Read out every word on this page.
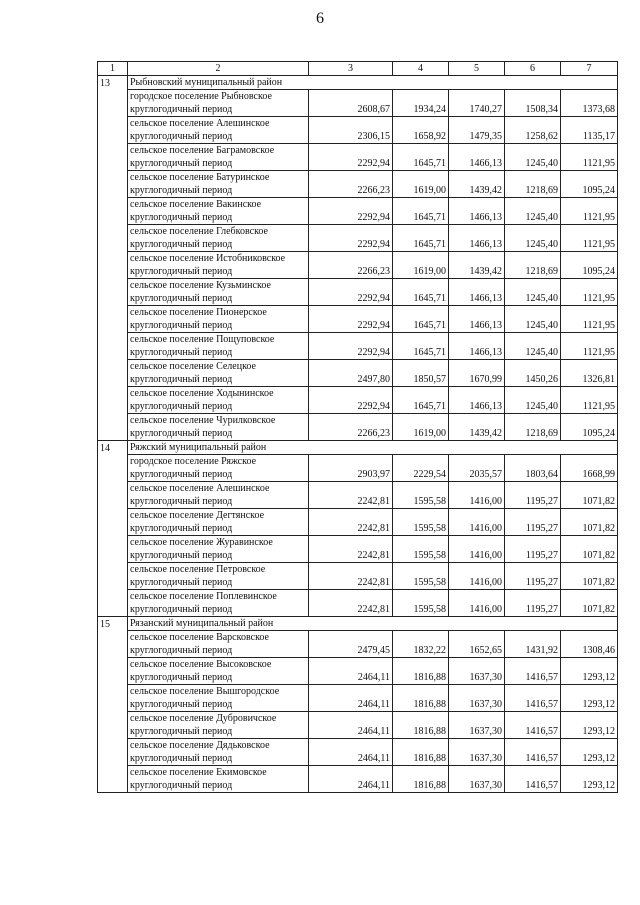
6
1	2	3	4	5	6	7
13	Рыбновский муниципальный район					
	городское поселение Рыбновское					
	круглогодичный период	2608,67	1934,24	1740,27	1508,34	1373,68
	сельское поселение Алешинское					
	круглогодичный период	2306,15	1658,92	1479,35	1258,62	1135,17
	сельское поселение Баграмовское					
	круглогодичный период	2292,94	1645,71	1466,13	1245,40	1121,95
	сельское поселение Батуринское					
	круглогодичный период	2266,23	1619,00	1439,42	1218,69	1095,24
	сельское поселение Вакинское					
	круглогодичный период	2292,94	1645,71	1466,13	1245,40	1121,95
	сельское поселение Глебковское					
	круглогодичный период	2292,94	1645,71	1466,13	1245,40	1121,95
	сельское поселение Истобниковское					
	круглогодичный период	2266,23	1619,00	1439,42	1218,69	1095,24
	сельское поселение Кузьминское					
	круглогодичный период	2292,94	1645,71	1466,13	1245,40	1121,95
	сельское поселение Пионерское					
	круглогодичный период	2292,94	1645,71	1466,13	1245,40	1121,95
	сельское поселение Пощуповское					
	круглогодичный период	2292,94	1645,71	1466,13	1245,40	1121,95
	сельское поселение Селецкое					
	круглогодичный период	2497,80	1850,57	1670,99	1450,26	1326,81
	сельское поселение Ходынинское					
	круглогодичный период	2292,94	1645,71	1466,13	1245,40	1121,95
	сельское поселение Чурилковское					
	круглогодичный период	2266,23	1619,00	1439,42	1218,69	1095,24
14	Ряжский муниципальный район					
	городское поселение Ряжское					
	круглогодичный период	2903,97	2229,54	2035,57	1803,64	1668,99
	сельское поселение Алешинское					
	круглогодичный период	2242,81	1595,58	1416,00	1195,27	1071,82
	сельское поселение Дегтянское					
	круглогодичный период	2242,81	1595,58	1416,00	1195,27	1071,82
	сельское поселение Журавинское					
	круглогодичный период	2242,81	1595,58	1416,00	1195,27	1071,82
	сельское поселение Петровское					
	круглогодичный период	2242,81	1595,58	1416,00	1195,27	1071,82
	сельское поселение Поплевинское					
	круглогодичный период	2242,81	1595,58	1416,00	1195,27	1071,82
15	Рязанский муниципальный район					
	сельское поселение Варсковское					
	круглогодичный период	2479,45	1832,22	1652,65	1431,92	1308,46
	сельское поселение Высоковское					
	круглогодичный период	2464,11	1816,88	1637,30	1416,57	1293,12
	сельское поселение Вышгородское					
	круглогодичный период	2464,11	1816,88	1637,30	1416,57	1293,12
	сельское поселение Дубровичское					
	круглогодичный период	2464,11	1816,88	1637,30	1416,57	1293,12
	сельское поселение Дядьковское					
	круглогодичный период	2464,11	1816,88	1637,30	1416,57	1293,12
	сельское поселение Екимовское					
	круглогодичный период	2464,11	1816,88	1637,30	1416,57	1293,12
